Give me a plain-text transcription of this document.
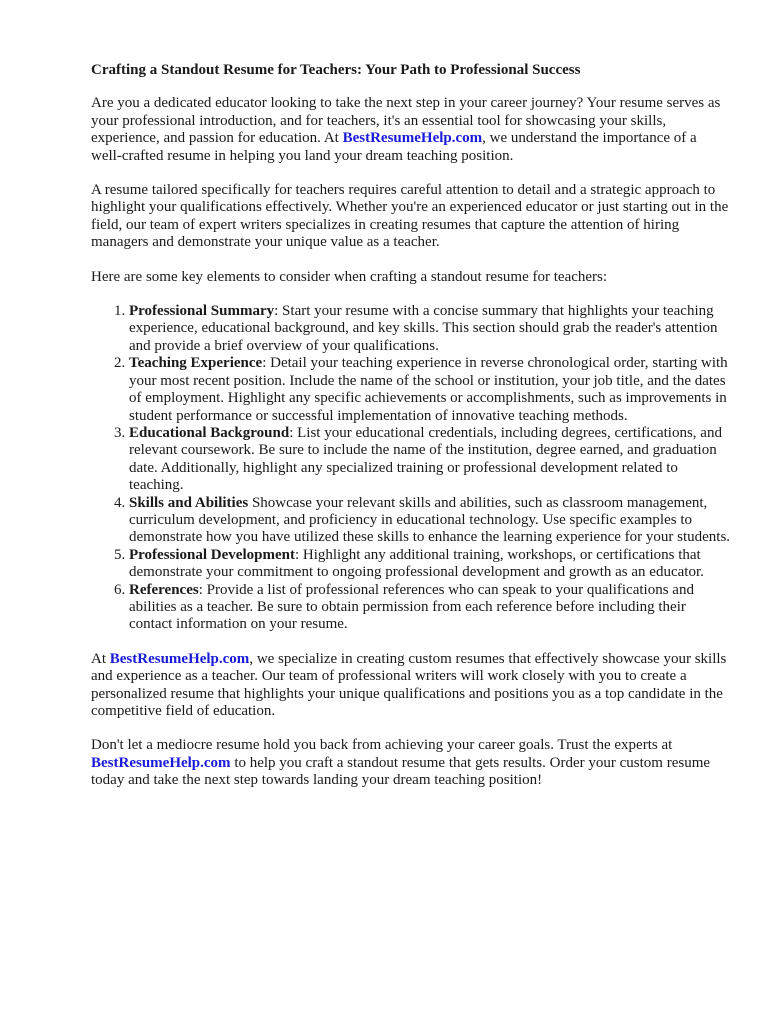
Crafting a Standout Resume for Teachers: Your Path to Professional Success

Are you a dedicated educator looking to take the next step in your career journey? Your resume serves as your professional introduction, and for teachers, it's an essential tool for showcasing your skills, experience, and passion for education. At BestResumeHelp.com, we understand the importance of a well-crafted resume in helping you land your dream teaching position.

A resume tailored specifically for teachers requires careful attention to detail and a strategic approach to highlight your qualifications effectively. Whether you're an experienced educator or just starting out in the field, our team of expert writers specializes in creating resumes that capture the attention of hiring managers and demonstrate your unique value as a teacher.

Here are some key elements to consider when crafting a standout resume for teachers:

1. Professional Summary: Start your resume with a concise summary that highlights your teaching experience, educational background, and key skills. This section should grab the reader's attention and provide a brief overview of your qualifications.
2. Teaching Experience: Detail your teaching experience in reverse chronological order, starting with your most recent position. Include the name of the school or institution, your job title, and the dates of employment. Highlight any specific achievements or accomplishments, such as improvements in student performance or successful implementation of innovative teaching methods.
3. Educational Background: List your educational credentials, including degrees, certifications, and relevant coursework. Be sure to include the name of the institution, degree earned, and graduation date. Additionally, highlight any specialized training or professional development related to teaching.
4. Skills and Abilities Showcase your relevant skills and abilities, such as classroom management, curriculum development, and proficiency in educational technology. Use specific examples to demonstrate how you have utilized these skills to enhance the learning experience for your students.
5. Professional Development: Highlight any additional training, workshops, or certifications that demonstrate your commitment to ongoing professional development and growth as an educator.
6. References: Provide a list of professional references who can speak to your qualifications and abilities as a teacher. Be sure to obtain permission from each reference before including their contact information on your resume.

At BestResumeHelp.com, we specialize in creating custom resumes that effectively showcase your skills and experience as a teacher. Our team of professional writers will work closely with you to create a personalized resume that highlights your unique qualifications and positions you as a top candidate in the competitive field of education.

Don't let a mediocre resume hold you back from achieving your career goals. Trust the experts at BestResumeHelp.com to help you craft a standout resume that gets results. Order your custom resume today and take the next step towards landing your dream teaching position!
